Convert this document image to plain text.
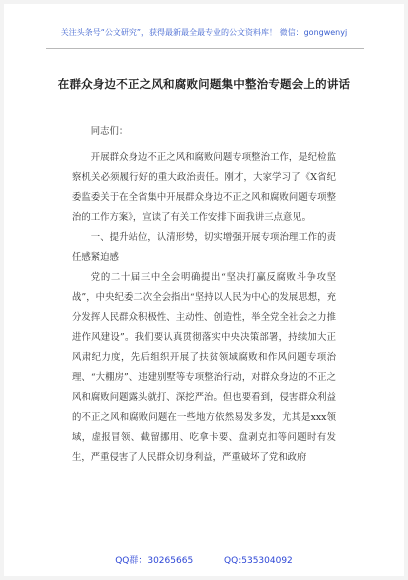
关注头条号“公文研究”，获得最新最全最专业的公文资料库！ 微信：gongwenyj
在群众身边不正之风和腐败问题集中整治专题会上的讲话

同志们：

开展群众身边不正之风和腐败问题专项整治工作，是纪检监察机关必须履行好的重大政治责任。刚才，大家学习了《X省纪委监委关于在全省集中开展群众身边不正之风和腐败问题专项整治的工作方案》，宣读了有关工作安排下面我讲三点意见。

一、提升站位，认清形势，切实增强开展专项治理工作的责任感紧迫感

党的二十届三中全会明确提出“坚决打赢反腐败斗争攻坚战”，中央纪委二次全会指出“坚持以人民为中心的发展思想，充分发挥人民群众积极性、主动性、创造性，举全党全社会之力推进作风建设”。我们要认真贯彻落实中央决策部署，持续加大正风肃纪力度，先后组织开展了扶贫领域腐败和作风问题专项治理、“大棚房”、违建别墅等专项整治行动，对群众身边的不正之风和腐败问题露头就打、深挖严治。但也要看到，侵害群众利益的不正之风和腐败问题在一些地方依然易发多发，尤其是xxx领域，虚报冒领、截留挪用、吃拿卡要、盘剥克扣等问题时有发生，严重侵害了人民群众切身利益，严重破坏了党和政府

QQ群：30265665	QQ:535304092
